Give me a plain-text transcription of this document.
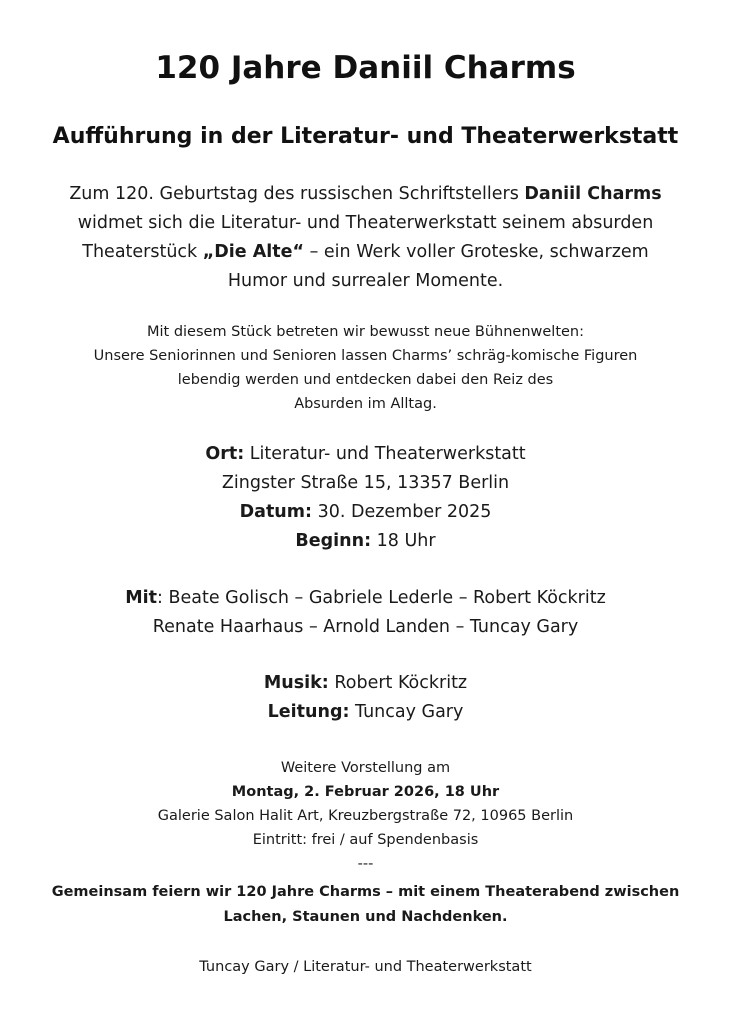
120 Jahre Daniil Charms
Aufführung in der Literatur- und Theaterwerkstatt
Zum 120. Geburtstag des russischen Schriftstellers Daniil Charms
widmet sich die Literatur- und Theaterwerkstatt seinem absurden
Theaterstück „Die Alte“ – ein Werk voller Groteske, schwarzem
Humor und surrealer Momente.
Mit diesem Stück betreten wir bewusst neue Bühnenwelten:
Unsere Seniorinnen und Senioren lassen Charms’ schräg-komische Figuren
lebendig werden und entdecken dabei den Reiz des
Absurden im Alltag.
Ort: Literatur- und Theaterwerkstatt
Zingster Straße 15, 13357 Berlin
Datum: 30. Dezember 2025
Beginn: 18 Uhr
Mit: Beate Golisch – Gabriele Lederle – Robert Köckritz
Renate Haarhaus – Arnold Landen – Tuncay Gary
Musik: Robert Köckritz
Leitung: Tuncay Gary
Weitere Vorstellung am
Montag, 2. Februar 2026, 18 Uhr
Galerie Salon Halit Art, Kreuzbergstraße 72, 10965 Berlin
Eintritt: frei / auf Spendenbasis
---
Gemeinsam feiern wir 120 Jahre Charms – mit einem Theaterabend zwischen
Lachen, Staunen und Nachdenken.
Tuncay Gary / Literatur- und Theaterwerkstatt
